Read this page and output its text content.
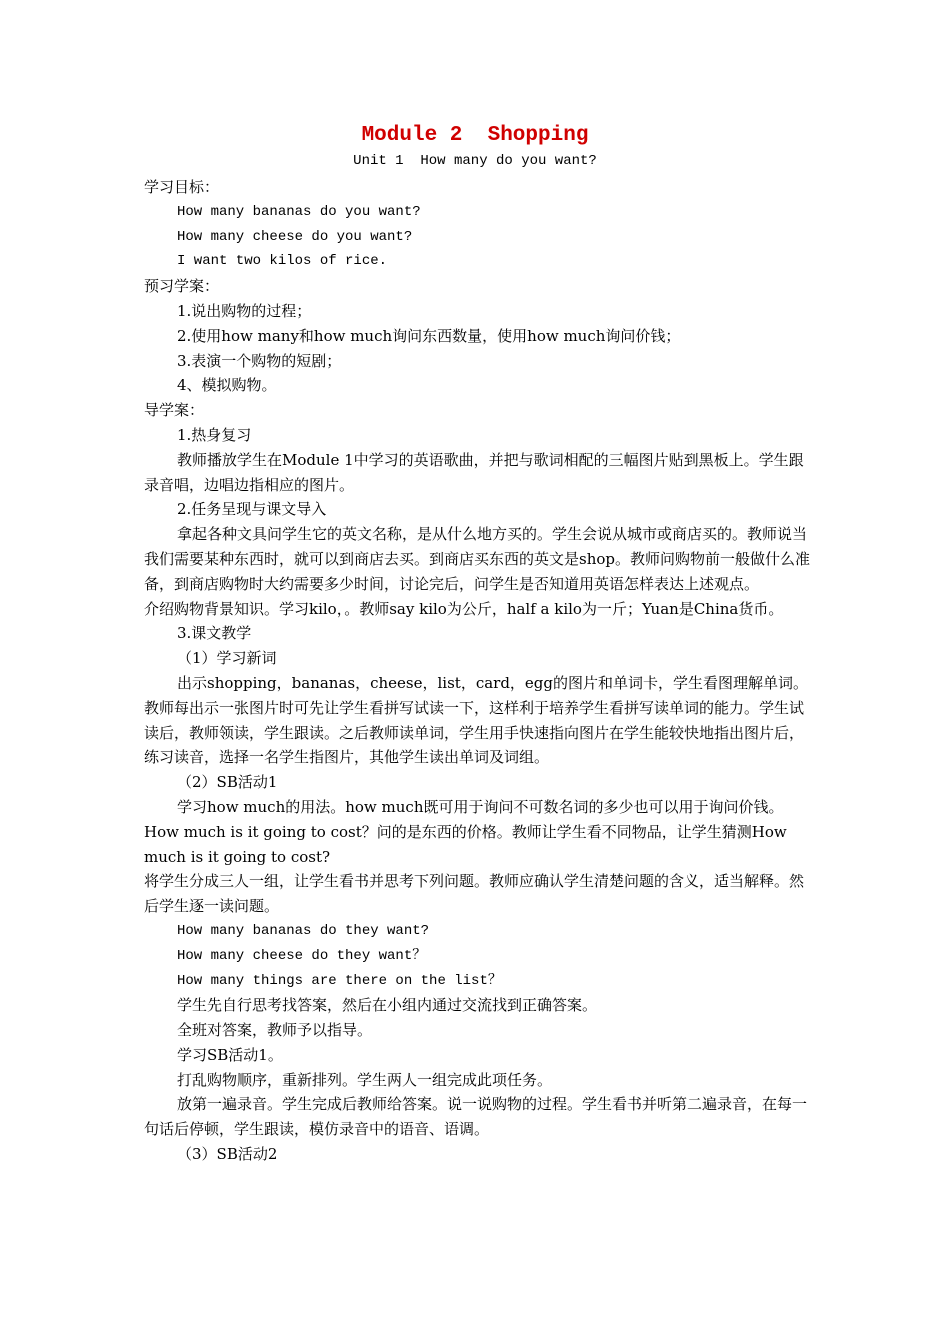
Module 2  Shopping
Unit 1  How many do you want?

学习目标：

How many bananas do you want?

How many cheese do you want?

I want two kilos of rice.

预习学案：

1.说出购物的过程；

2.使用how many和how much询问东西数量，使用how much询问价钱；

3.表演一个购物的短剧；

4、模拟购物。

导学案：

1.热身复习

教师播放学生在Module 1中学习的英语歌曲，并把与歌词相配的三幅图片贴到黑板上。学生跟录音唱，边唱边指相应的图片。

2.任务呈现与课文导入

拿起各种文具问学生它的英文名称，是从什么地方买的。学生会说从城市或商店买的。教师说当我们需要某种东西时，就可以到商店去买。到商店买东西的英文是shop。教师问购物前一般做什么准备，到商店购物时大约需要多少时间，讨论完后，问学生是否知道用英语怎样表达上述观点。

介绍购物背景知识。学习kilo，。教师say kilo为公斤，half a kilo为一斤；Yuan是China货币。

3.课文教学

（1）学习新词

出示shopping，bananas，cheese，list，card，egg的图片和单词卡，学生看图理解单词。教师每出示一张图片时可先让学生看拼写试读一下，这样利于培养学生看拼写读单词的能力。学生试读后，教师领读，学生跟读。之后教师读单词，学生用手快速指向图片在学生能较快地指出图片后，练习读音，选择一名学生指图片，其他学生读出单词及词组。

（2）SB活动1

学习how much的用法。how much既可用于询问不可数名词的多少也可以用于询问价钱。How much is it going to cost？问的是东西的价格。教师让学生看不同物品，让学生猜测How much is it going to cost?

将学生分成三人一组，让学生看书并思考下列问题。教师应确认学生清楚问题的含义，适当解释。然后学生逐一读问题。

How many bananas do they want?

How many cheese do they want？

How many things are there on the list？

学生先自行思考找答案，然后在小组内通过交流找到正确答案。

全班对答案，教师予以指导。

学习SB活动1。

打乱购物顺序，重新排列。学生两人一组完成此项任务。

放第一遍录音。学生完成后教师给答案。说一说购物的过程。学生看书并听第二遍录音，在每一句话后停顿，学生跟读，模仿录音中的语音、语调。

（3）SB活动2
